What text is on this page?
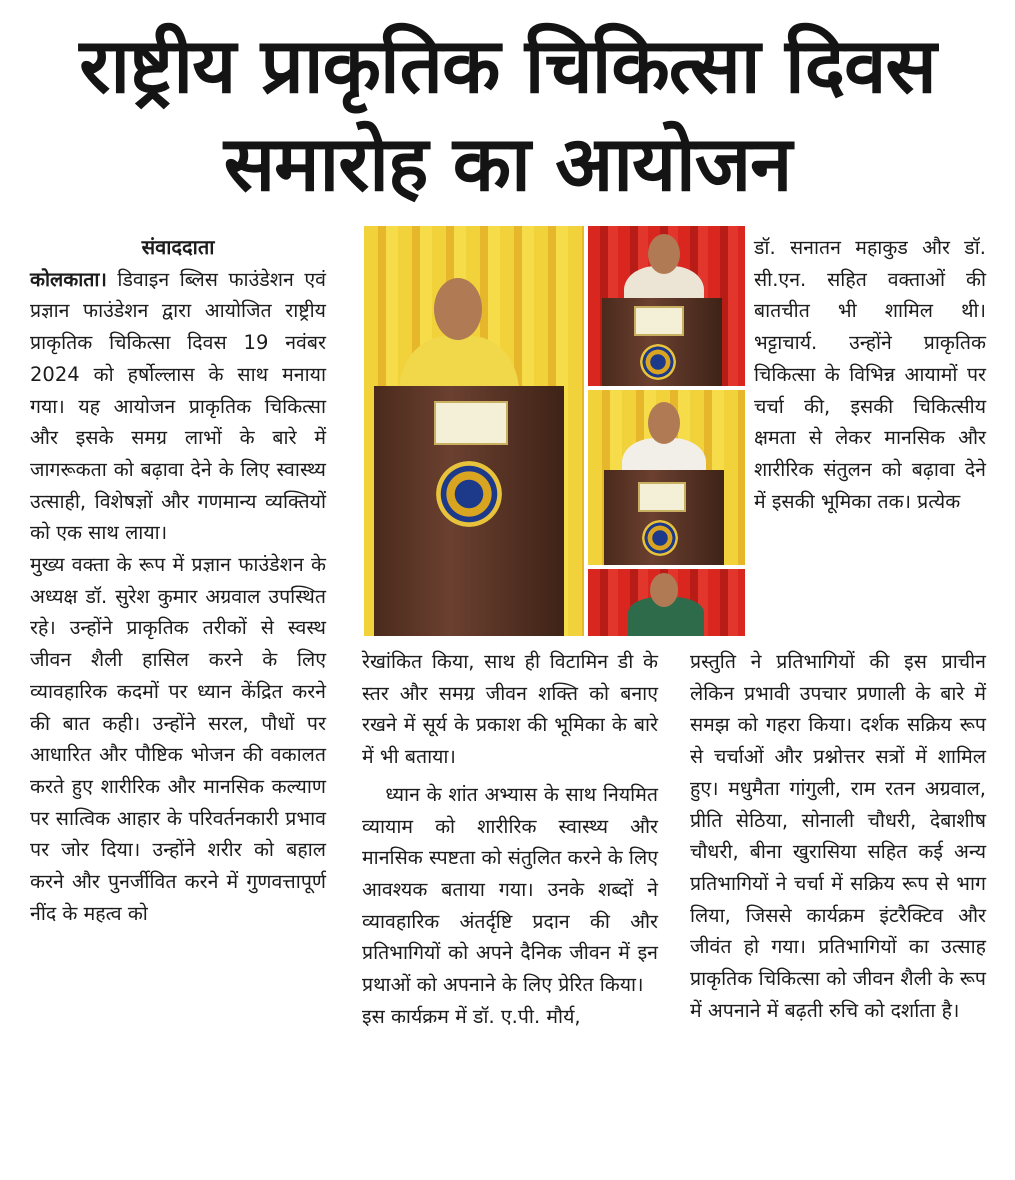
राष्ट्रीय प्राकृतिक चिकित्सा दिवस
समारोह का आयोजन

संवाददाता

कोलकाता। डिवाइन ब्लिस फाउंडेशन एवं प्रज्ञान फाउंडेशन द्वारा आयोजित राष्ट्रीय प्राकृतिक चिकित्सा दिवस 19 नवंबर 2024 को हर्षोल्लास के साथ मनाया गया। यह आयोजन प्राकृतिक चिकित्सा और इसके समग्र लाभों के बारे में जागरूकता को बढ़ावा देने के लिए स्वास्थ्य उत्साही, विशेषज्ञों और गणमान्य व्यक्तियों को एक साथ लाया।

मुख्य वक्ता के रूप में प्रज्ञान फाउंडेशन के अध्यक्ष डॉ. सुरेश कुमार अग्रवाल उपस्थित रहे। उन्होंने प्राकृतिक तरीकों से स्वस्थ जीवन शैली हासिल करने के लिए व्यावहारिक कदमों पर ध्यान केंद्रित करने की बात कही। उन्होंने सरल, पौधों पर आधारित और पौष्टिक भोजन की वकालत करते हुए शारीरिक और मानसिक कल्याण पर सात्विक आहार के परिवर्तनकारी प्रभाव पर जोर दिया। उन्होंने शरीर को बहाल करने और पुनर्जीवित करने में गुणवत्तापूर्ण नींद के महत्व को

रेखांकित किया, साथ ही विटामिन डी के स्तर और समग्र जीवन शक्ति को बनाए रखने में सूर्य के प्रकाश की भूमिका के बारे में भी बताया।

ध्यान के शांत अभ्यास के साथ नियमित व्यायाम को शारीरिक स्वास्थ्य और मानसिक स्पष्टता को संतुलित करने के लिए आवश्यक बताया गया। उनके शब्दों ने व्यावहारिक अंतर्दृष्टि प्रदान की और प्रतिभागियों को अपने दैनिक जीवन में इन प्रथाओं को अपनाने के लिए प्रेरित किया।

इस कार्यक्रम में डॉ. ए.पी. मौर्य,

डॉ. सनातन महाकुड और डॉ. सी.एन. सहित वक्ताओं की बातचीत भी शामिल थी। भट्टाचार्य. उन्होंने प्राकृतिक चिकित्सा के विभिन्न आयामों पर चर्चा की, इसकी चिकित्सीय क्षमता से लेकर मानसिक और शारीरिक संतुलन को बढ़ावा देने में इसकी भूमिका तक। प्रत्येक

प्रस्तुति ने प्रतिभागियों की इस प्राचीन लेकिन प्रभावी उपचार प्रणाली के बारे में समझ को गहरा किया। दर्शक सक्रिय रूप से चर्चाओं और प्रश्नोत्तर सत्रों में शामिल हुए। मधुमैता गांगुली, राम रतन अग्रवाल, प्रीति सेठिया, सोनाली चौधरी, देबाशीष चौधरी, बीना खुरासिया सहित कई अन्य प्रतिभागियों ने चर्चा में सक्रिय रूप से भाग लिया, जिससे कार्यक्रम इंटरैक्टिव और जीवंत हो गया। प्रतिभागियों का उत्साह प्राकृतिक चिकित्सा को जीवन शैली के रूप में अपनाने में बढ़ती रुचि को दर्शाता है।
